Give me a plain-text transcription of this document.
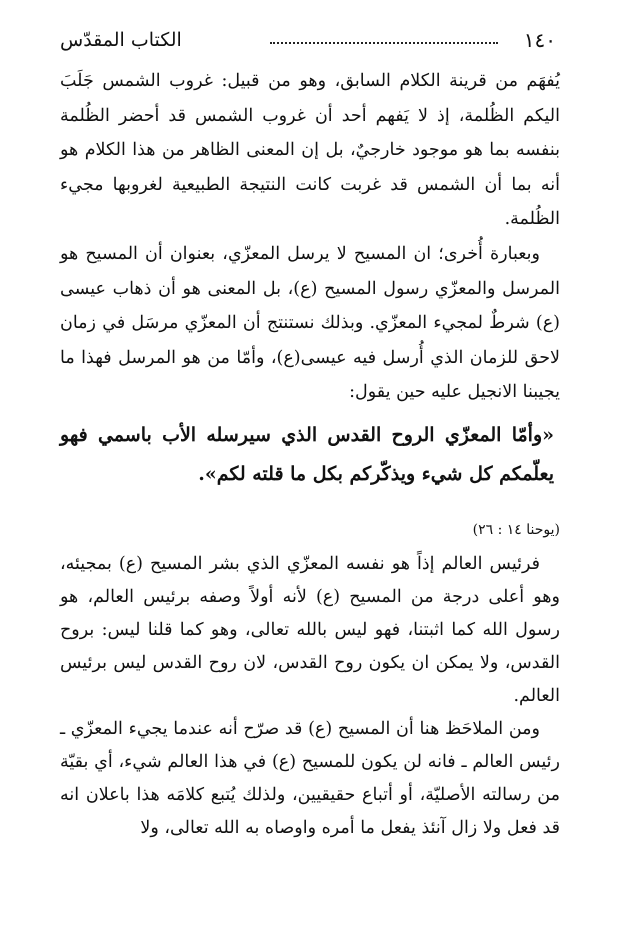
١٤٠
الكتاب المقدّس

يُفهَم من قرينة الكلام السابق، وهو من قبيل: غروب الشمس جَلَبَ اليكم الظُلمة، إذ لا يَفهم أحد أن غروب الشمس قد أحضر الظُلمة بنفسه بما هو موجود خارجيٌ، بل إن المعنى الظاهر من هذا الكلام هو أنه بما أن الشمس قد غربت كانت النتيجة الطبيعية لغروبها مجيء الظُلمة.

وبعبارة أُخرى؛ ان المسيح لا يرسل المعزّي، بعنوان أن المسيح هو المرسل والمعزّي رسول المسيح (ع)، بل المعنى هو أن ذهاب عيسى (ع) شرطٌ لمجيء المعزّي. وبذلك نستنتج أن المعزّي مرسَل في زمان لاحق للزمان الذي أُرسل فيه عيسى(ع)، وأمّا من هو المرسل فهذا ما يجيبنا الانجيل عليه حين يقول:

«وأمّا المعزّي الروح القدس الذي سيرسله الأب باسمي فهو يعلّمكم كل شيء ويذكّركم بكل ما قلته لكم».

(يوحنا ١٤ : ٢٦)

فرئيس العالم إذاً هو نفسه المعزّي الذي بشر المسيح (ع) بمجيئه، وهو أعلى درجة من المسيح (ع) لأنه أولاً وصفه برئيس العالم، هو رسول الله كما اثبتنا، فهو ليس بالله تعالى، وهو كما قلنا ليس: بروح القدس، ولا يمكن ان يكون روح القدس، لان روح القدس ليس برئيس العالم.

ومن الملاحَظ هنا أن المسيح (ع) قد صرّح أنه عندما يجيء المعزّي ـ رئيس العالم ـ فانه لن يكون للمسيح (ع) في هذا العالم شيء، أي بقيّة من رسالته الأصليّة، أو أتباع حقيقيين، ولذلك يُتبع كلامَه هذا باعلان انه قد فعل ولا زال آنئذ يفعل ما أمره واوصاه به الله تعالى، ولا
